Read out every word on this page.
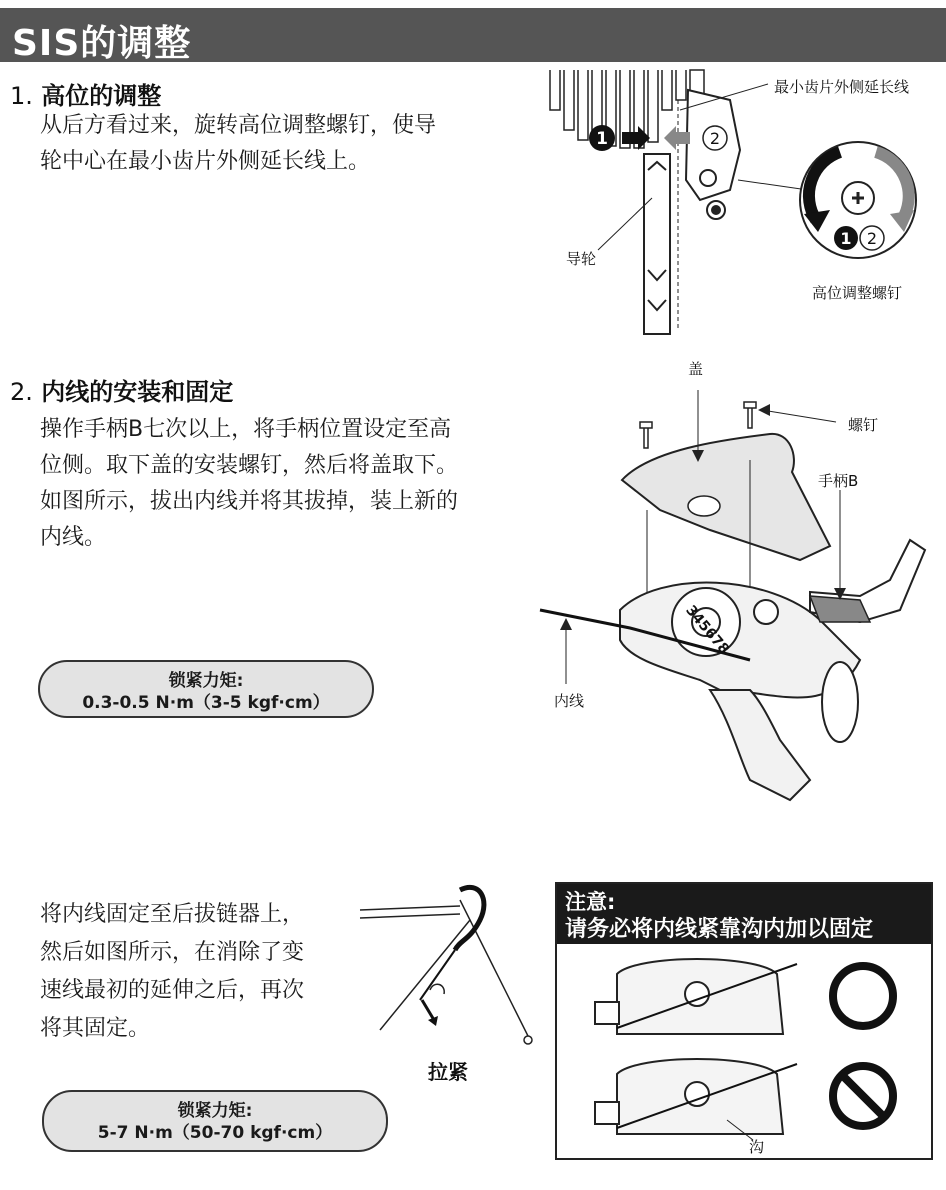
SIS的调整
1. 高位的调整
从后方看过来，旋转高位调整螺钉，使导
轮中心在最小齿片外侧延长线上。
1	2
1 2
最小齿片外侧延长线
导轮
高位调整螺钉
2. 内线的安装和固定
操作手柄B七次以上，将手柄位置设定至高
位侧。取下盖的安装螺钉，然后将盖取下。
如图所示，拔出内线并将其拔掉，装上新的
内线。
锁紧力矩:
0.3-0.5 N·m（3-5 kgf·cm）
345678
盖
螺钉
手柄B
内线
将内线固定至后拔链器上，
然后如图所示，在消除了变
速线最初的延伸之后，再次
将其固定。
拉紧
锁紧力矩:
5-7 N·m（50-70 kgf·cm）
注意:
请务必将内线紧靠沟内加以固定
沟
